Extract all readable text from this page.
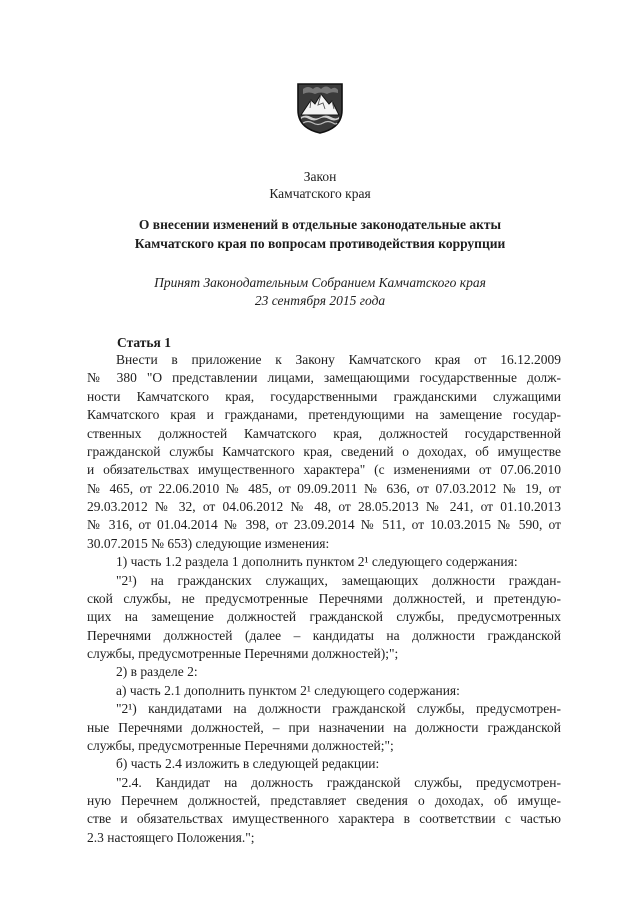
Закон
Камчатского края
О внесении изменений в отдельные законодательные акты
Камчатского края по вопросам противодействия коррупции
Принят Законодательным Собранием Камчатского края
23 сентября 2015 года
Статья 1
Внести в приложение к Закону Камчатского края от 16.12.2009
№ 380 "О представлении лицами, замещающими государственные долж-
ности Камчатского края, государственными гражданскими служащими
Камчатского края и гражданами, претендующими на замещение государ-
ственных должностей Камчатского края, должностей государственной
гражданской службы Камчатского края, сведений о доходах, об имуществе
и обязательствах имущественного характера" (с изменениями от 07.06.2010
№ 465, от 22.06.2010 № 485, от 09.09.2011 № 636, от 07.03.2012 № 19, от
29.03.2012 № 32, от 04.06.2012 № 48, от 28.05.2013 № 241, от 01.10.2013
№ 316, от 01.04.2014 № 398, от 23.09.2014 № 511, от 10.03.2015 № 590, от
30.07.2015 № 653) следующие изменения:
1) часть 1.2 раздела 1 дополнить пунктом 2¹ следующего содержания:
"2¹) на гражданских служащих, замещающих должности граждан-
ской службы, не предусмотренные Перечнями должностей, и претендую-
щих на замещение должностей гражданской службы, предусмотренных
Перечнями должностей (далее – кандидаты на должности гражданской
службы, предусмотренные Перечнями должностей);";
2) в разделе 2:
а) часть 2.1 дополнить пунктом 2¹ следующего содержания:
"2¹) кандидатами на должности гражданской службы, предусмотрен-
ные Перечнями должностей, – при назначении на должности гражданской
службы, предусмотренные Перечнями должностей;";
б) часть 2.4 изложить в следующей редакции:
"2.4. Кандидат на должность гражданской службы, предусмотрен-
ную Перечнем должностей, представляет сведения о доходах, об имуще-
стве и обязательствах имущественного характера в соответствии с частью
2.3 настоящего Положения.";
